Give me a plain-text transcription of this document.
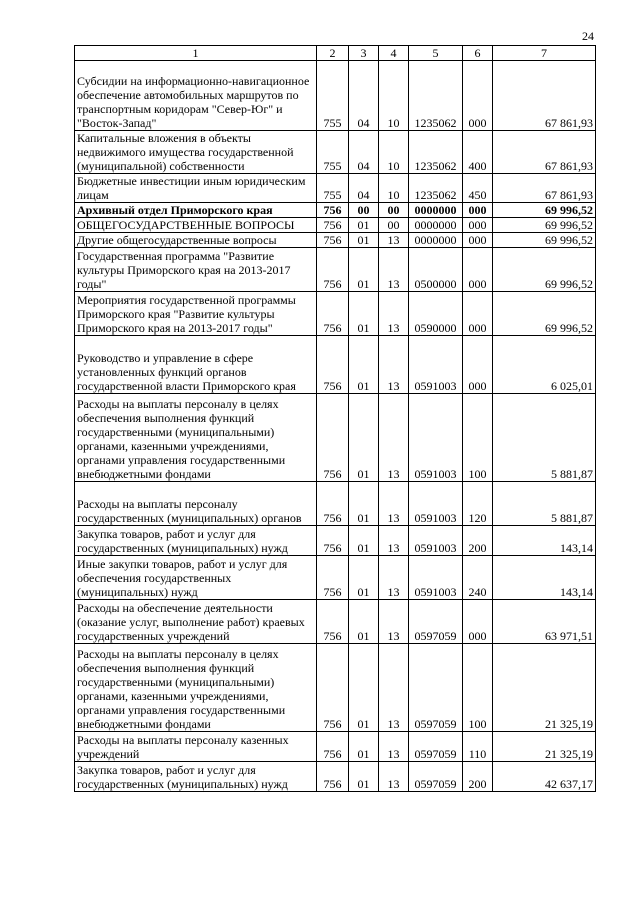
24
1	2	3	4	5	6	7
Субсидии на информационно-навигационное обеспечение автомобильных маршрутов по транспортным коридорам "Север-Юг" и "Восток-Запад"	755	04	10	1235062	000	67 861,93
Капитальные вложения в объекты недвижимого имущества государственной (муниципальной) собственности	755	04	10	1235062	400	67 861,93
Бюджетные инвестиции иным юридическим лицам	755	04	10	1235062	450	67 861,93
Архивный отдел Приморского края	756	00	00	0000000	000	69 996,52
ОБЩЕГОСУДАРСТВЕННЫЕ ВОПРОСЫ	756	01	00	0000000	000	69 996,52
Другие общегосударственные вопросы	756	01	13	0000000	000	69 996,52
Государственная программа "Развитие культуры Приморского края на 2013-2017 годы"	756	01	13	0500000	000	69 996,52
Мероприятия государственной программы Приморского края "Развитие культуры Приморского края на 2013-2017 годы"	756	01	13	0590000	000	69 996,52
Руководство и управление в сфере установленных функций органов государственной власти Приморского края	756	01	13	0591003	000	6 025,01
Расходы на выплаты персоналу в целях обеспечения выполнения функций государственными (муниципальными) органами, казенными учреждениями, органами управления государственными внебюджетными фондами	756	01	13	0591003	100	5 881,87
Расходы на выплаты персоналу государственных (муниципальных) органов	756	01	13	0591003	120	5 881,87
Закупка товаров, работ и услуг для государственных (муниципальных) нужд	756	01	13	0591003	200	143,14
Иные закупки товаров, работ и услуг для обеспечения государственных (муниципальных) нужд	756	01	13	0591003	240	143,14
Расходы на обеспечение деятельности (оказание услуг, выполнение работ) краевых государственных учреждений	756	01	13	0597059	000	63 971,51
Расходы на выплаты персоналу в целях обеспечения выполнения функций государственными (муниципальными) органами, казенными учреждениями, органами управления государственными внебюджетными фондами	756	01	13	0597059	100	21 325,19
Расходы на выплаты персоналу казенных учреждений	756	01	13	0597059	110	21 325,19
Закупка товаров, работ и услуг для государственных (муниципальных) нужд	756	01	13	0597059	200	42 637,17
